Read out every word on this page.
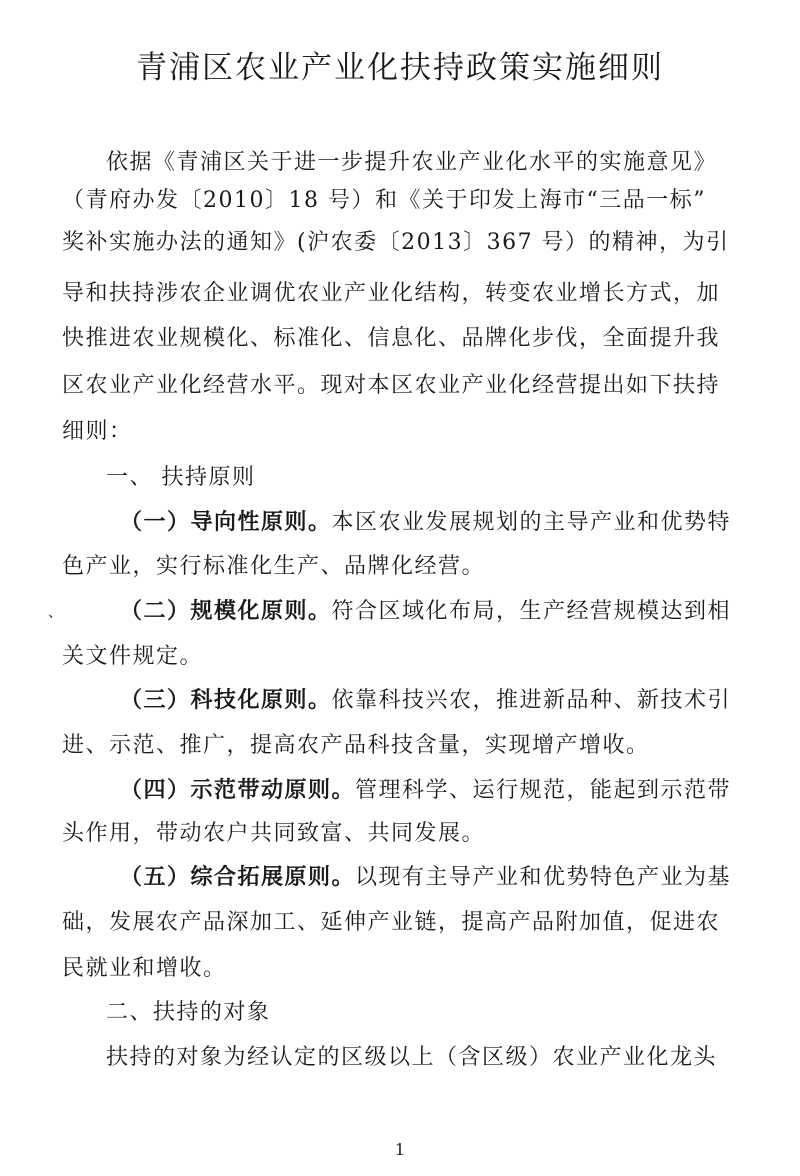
青浦区农业产业化扶持政策实施细则

依据《青浦区关于进一步提升农业产业化水平的实施意见》

（青府办发〔2010〕18 号）和《关于印发上海市“三品一标”

奖补实施办法的通知》(沪农委〔2013〕367 号）的精神，为引

导和扶持涉农企业调优农业产业化结构，转变农业增长方式，加

快推进农业规模化、标准化、信息化、品牌化步伐，全面提升我

区农业产业化经营水平。现对本区农业产业化经营提出如下扶持

细则：

一、 扶持原则

（一）导向性原则。本区农业发展规划的主导产业和优势特

色产业，实行标准化生产、品牌化经营。

、	（二）规模化原则。符合区域化布局，生产经营规模达到相

关文件规定。

（三）科技化原则。依靠科技兴农，推进新品种、新技术引

进、示范、推广，提高农产品科技含量，实现增产增收。

（四）示范带动原则。管理科学、运行规范，能起到示范带

头作用，带动农户共同致富、共同发展。

（五）综合拓展原则。以现有主导产业和优势特色产业为基

础，发展农产品深加工、延伸产业链，提高产品附加值，促进农

民就业和增收。

二、扶持的对象

扶持的对象为经认定的区级以上（含区级）农业产业化龙头

1
